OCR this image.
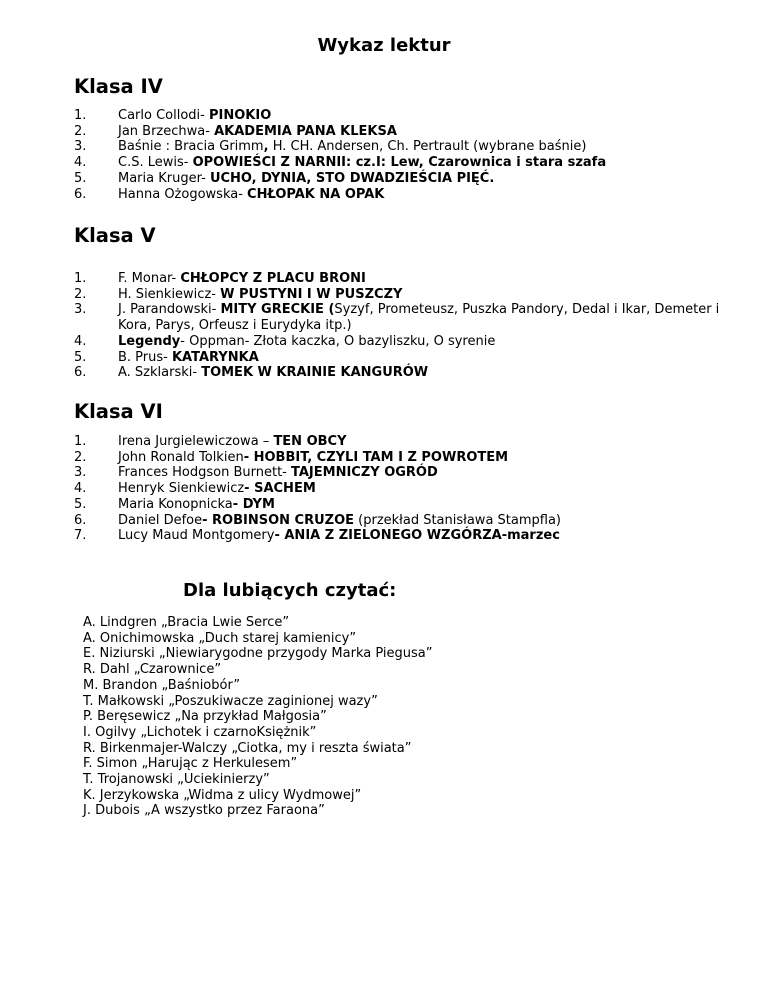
Wykaz lektur
Klasa IV
1. Carlo Collodi- PINOKIO
2. Jan Brzechwa- AKADEMIA PANA KLEKSA
3. Baśnie : Bracia Grimm, H. CH. Andersen, Ch. Pertrault (wybrane baśnie)
4. C.S. Lewis- OPOWIEŚCI Z NARNII: cz.I: Lew, Czarownica i stara szafa
5. Maria Kruger- UCHO, DYNIA, STO DWADZIEŚCIA PIĘĆ.
6. Hanna Ożogowska- CHŁOPAK NA OPAK
Klasa V
1. F. Monar- CHŁOPCY Z PLACU BRONI
2. H. Sienkiewicz- W PUSTYNI I W PUSZCZY
3. J. Parandowski- MITY GRECKIE (Syzyf, Prometeusz, Puszka Pandory, Dedal i Ikar, Demeter i Kora, Parys, Orfeusz i Eurydyka itp.)
4. Legendy- Oppman- Złota kaczka, O bazyliszku, O syrenie
5. B. Prus- KATARYNKA
6. A. Szklarski- TOMEK W KRAINIE KANGURÓW
Klasa VI
1. Irena Jurgielewiczowa – TEN OBCY
2. John Ronald Tolkien- HOBBIT, CZYLI TAM I Z POWROTEM
3. Frances Hodgson Burnett- TAJEMNICZY OGRÓD
4. Henryk Sienkiewicz- SACHEM
5. Maria Konopnicka- DYM
6. Daniel Defoe- ROBINSON CRUZOE (przekład Stanisława Stampfla)
7. Lucy Maud Montgomery- ANIA Z ZIELONEGO WZGÓRZA-marzec
Dla lubiących czytać:
A. Lindgren „Bracia Lwie Serce”
A. Onichimowska „Duch starej kamienicy”
E. Niziurski „Niewiarygodne przygody Marka Piegusa”
R. Dahl „Czarownice”
M. Brandon „Baśniobór”
T. Małkowski „Poszukiwacze zaginionej wazy”
P. Beręsewicz „Na przykład Małgosia”
I. Ogilvy „Lichotek i czarnoKsiężnik”
R. Birkenmajer-Walczy „Ciotka, my i reszta świata”
F. Simon „Harując z Herkulesem”
T. Trojanowski „Uciekinierzy”
K. Jerzykowska „Widma z ulicy Wydmowej”
J. Dubois „A wszystko przez Faraona”
